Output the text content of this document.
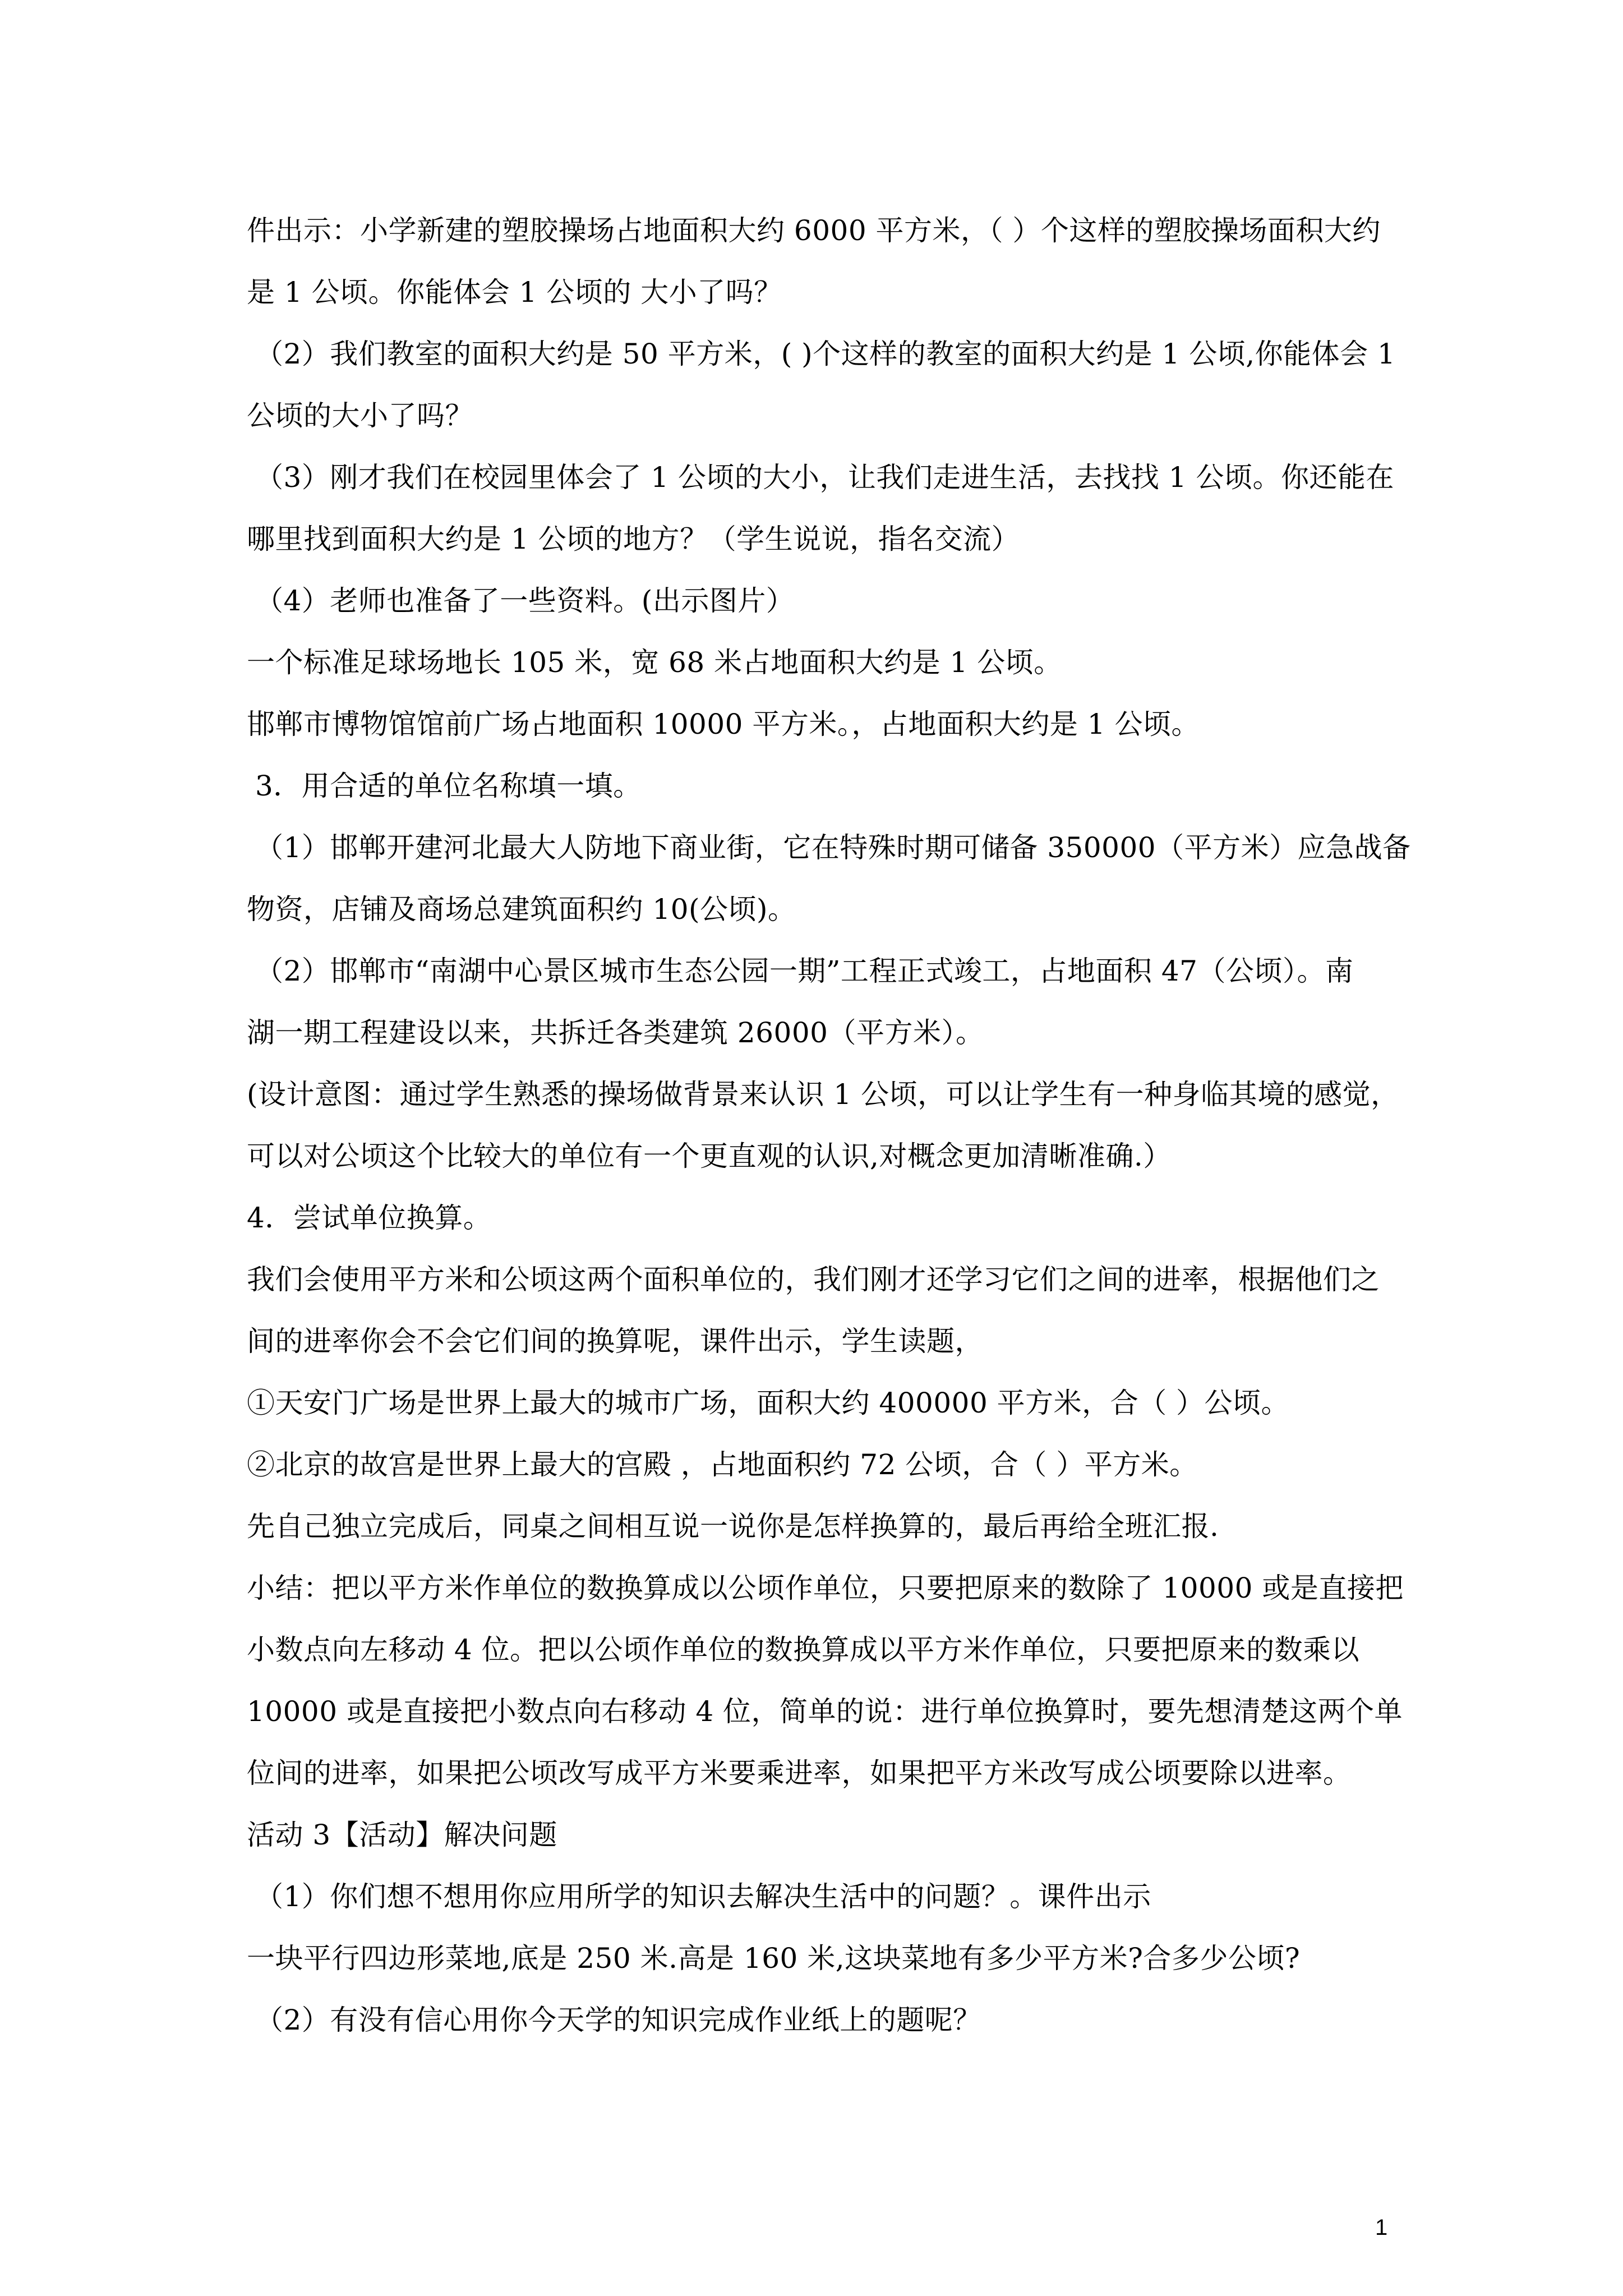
件出示：小学新建的塑胶操场占地面积大约 6000 平方米，（ ）个这样的塑胶操场面积大约
是 1 公顷。你能体会 1 公顷的 大小了吗？
（2）我们教室的面积大约是 50 平方米，( )个这样的教室的面积大约是 1 公顷,你能体会 1
公顷的大小了吗？
（3）刚才我们在校园里体会了 1 公顷的大小，让我们走进生活，去找找 1 公顷。你还能在
哪里找到面积大约是 1 公顷的地方？（学生说说，指名交流）
（4）老师也准备了一些资料。(出示图片）
一个标准足球场地长 105 米，宽 68 米占地面积大约是 1 公顷。
邯郸市博物馆馆前广场占地面积 10000 平方米。，占地面积大约是 1 公顷。
3．用合适的单位名称填一填。
（1）邯郸开建河北最大人防地下商业街，它在特殊时期可储备 350000（平方米）应急战备
物资，店铺及商场总建筑面积约 10(公顷)。
（2）邯郸市“南湖中心景区城市生态公园一期”工程正式竣工，占地面积 47（公顷）。南
湖一期工程建设以来，共拆迁各类建筑 26000（平方米）。
(设计意图：通过学生熟悉的操场做背景来认识 1 公顷，可以让学生有一种身临其境的感觉，
可以对公顷这个比较大的单位有一个更直观的认识,对概念更加清晰准确.）
4．尝试单位换算。
我们会使用平方米和公顷这两个面积单位的，我们刚才还学习它们之间的进率，根据他们之
间的进率你会不会它们间的换算呢，课件出示，学生读题，
①天安门广场是世界上最大的城市广场，面积大约 400000 平方米，合（ ）公顷。
②北京的故宫是世界上最大的宫殿 ，占地面积约 72 公顷，合（ ）平方米。
先自己独立完成后，同桌之间相互说一说你是怎样换算的，最后再给全班汇报.
小结：把以平方米作单位的数换算成以公顷作单位，只要把原来的数除了 10000 或是直接把
小数点向左移动 4 位。把以公顷作单位的数换算成以平方米作单位，只要把原来的数乘以
10000 或是直接把小数点向右移动 4 位，简单的说：进行单位换算时，要先想清楚这两个单
位间的进率，如果把公顷改写成平方米要乘进率，如果把平方米改写成公顷要除以进率。
活动 3【活动】解决问题
（1）你们想不想用你应用所学的知识去解决生活中的问题？。课件出示
一块平行四边形菜地,底是 250 米.高是 160 米,这块菜地有多少平方米?合多少公顷?
（2）有没有信心用你今天学的知识完成作业纸上的题呢？
1
